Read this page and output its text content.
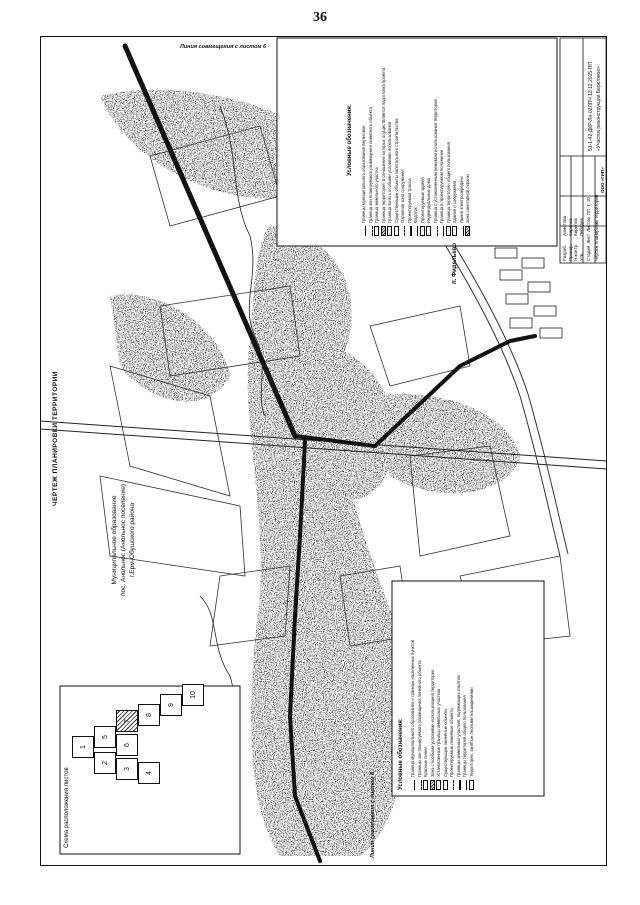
36
Схема расположения листов
1
2
3
4
5
6
7
8
9
10
Условные обозначения: Границы муниципального образования Береговое Граница зон планируемого размещения линейного объекта Граница земельного участка Граница территорий, в отношении которых осуществляется подготовка проекта Граница зоны с особыми условиями использования Существующие объекты капитального строительства Охранная зона сооружений Проектируемая трасса Водоток Проектируемые здания Индивидуальные дома Граница с установленным режимом использования территорий Граница в проектируемом положении Граница территории общего пользования Здания и сооружения Линия электропередачи Зона санитарной охраны
Условные обозначения: Граница муниципального образования и границы населенных пунктов Границы зон планируемого размещения линейного объекта Красные линии Зона с особыми условиями использования территории Установленные границы земельных участков Существующие линейные объекты Проектируемые линейные объекты Границы земельных участков, подлежащих изъятию Границы территорий общего пользования Территории, занятые лесными насаждениями
ЧЕРТЕЖ ПЛАНИРОВКИ ТЕРРИТОРИИ
Муниципальное образование пос. Анольнос (Анольнос поселение) г.Ерм-Обушского района
п. Фидельево
Линия совмещения с листом 6
Линия совмещения с листом 8
51-1-42-ДКР-Лн-02ЛПЧ 13.12.2015-ПП «Участок реконструкции Береговое»
Разраб.
Ахметова
Провер.
Кирилов
Н.контр.
Кирилов
Утв.
Лебедев
Стадия
Лист
Листов
ПП
7
10 Чертеж планировки территории
ООО «ГИП»
